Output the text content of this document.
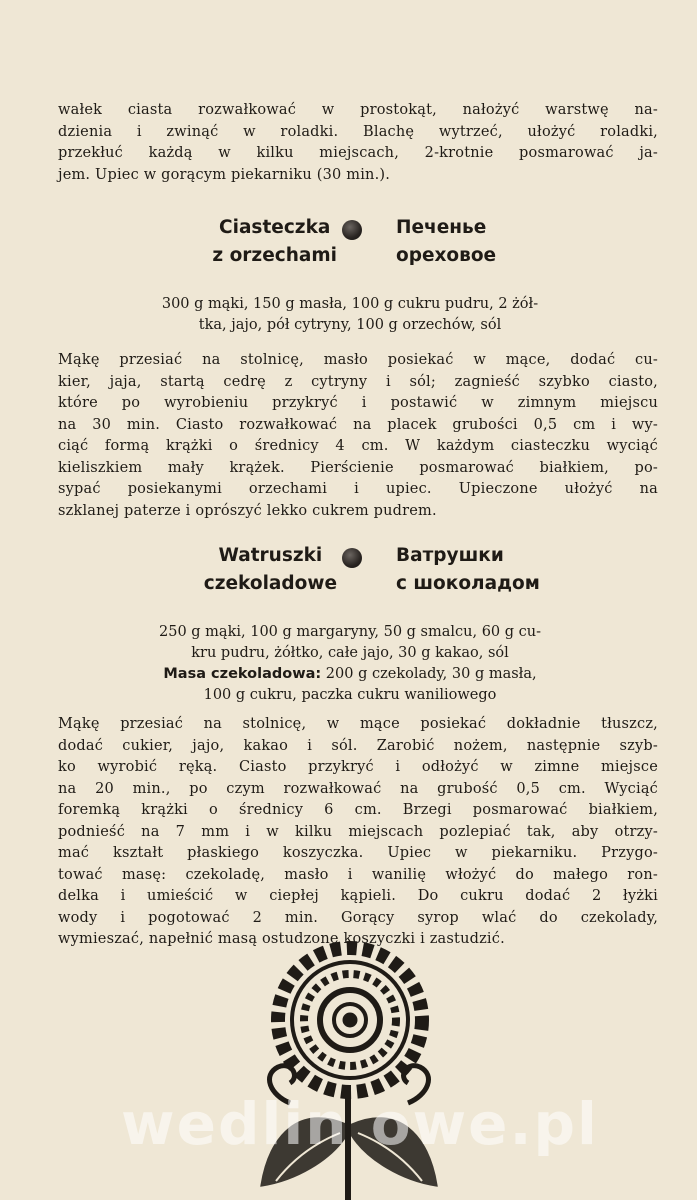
wałek ciasta rozwałkować w prostokąt, nałożyć warstwę na-
dzienia i zwinąć w roladki. Blachę wytrzeć, ułożyć roladki,
przekłuć każdą w kilku miejscach, 2-krotnie posmarować ja-
jem. Upiec w gorącym piekarniku (30 min.).
Ciasteczka
z orzechami
Печенье
ореховое
300 g mąki, 150 g masła, 100 g cukru pudru, 2 żół-
tka, jajo, pół cytryny, 100 g orzechów, sól
Mąkę przesiać na stolnicę, masło posiekać w mące, dodać cu-
kier, jaja, startą cedrę z cytryny i sól; zagnieść szybko ciasto,
które po wyrobieniu przykryć i postawić w zimnym miejscu
na 30 min. Ciasto rozwałkować na placek grubości 0,5 cm i wy-
ciąć formą krążki o średnicy 4 cm. W każdym ciasteczku wyciąć
kieliszkiem mały krążek. Pierścienie posmarować białkiem, po-
sypać posiekanymi orzechami i upiec. Upieczone ułożyć na
szklanej paterze i oprószyć lekko cukrem pudrem.
Watruszki
czekoladowe
Ватрушки
с шоколадом
250 g mąki, 100 g margaryny, 50 g smalcu, 60 g cu-
kru pudru, żółtko, całe jajo, 30 g kakao, sól
Masa czekoladowa: 200 g czekolady, 30 g masła,
100 g cukru, paczka cukru waniliowego
Mąkę przesiać na stolnicę, w mące posiekać dokładnie tłuszcz,
dodać cukier, jajo, kakao i sól. Zarobić nożem, następnie szyb-
ko wyrobić ręką. Ciasto przykryć i odłożyć w zimne miejsce
na 20 min., po czym rozwałkować na grubość 0,5 cm. Wyciąć
foremką krążki o średnicy 6 cm. Brzegi posmarować białkiem,
podnieść na 7 mm i w kilku miejscach pozlepiać tak, aby otrzy-
mać kształt płaskiego koszyczka. Upiec w piekarniku. Przygo-
tować masę: czekoladę, masło i wanilię włożyć do małego ron-
delka i umieścić w ciepłej kąpieli. Do cukru dodać 2 łyżki
wody i pogotować 2 min. Gorący syrop wlać do czekolady,
wymieszać, napełnić masą ostudzone koszyczki i zastudzić.
wedlin owe.pl
